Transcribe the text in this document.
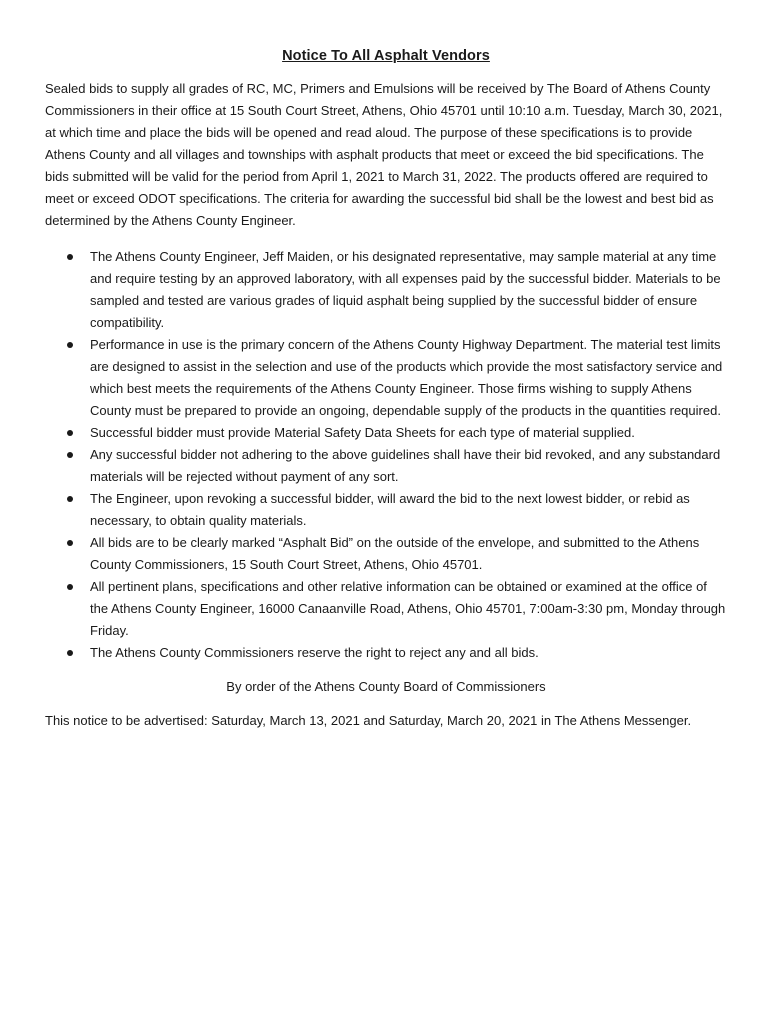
Notice To All Asphalt Vendors

Sealed bids to supply all grades of RC, MC, Primers and Emulsions will be received by The Board of Athens County Commissioners in their office at 15 South Court Street, Athens, Ohio 45701 until 10:10 a.m. Tuesday, March 30, 2021, at which time and place the bids will be opened and read aloud. The purpose of these specifications is to provide Athens County and all villages and townships with asphalt products that meet or exceed the bid specifications. The bids submitted will be valid for the period from April 1, 2021 to March 31, 2022. The products offered are required to meet or exceed ODOT specifications. The criteria for awarding the successful bid shall be the lowest and best bid as determined by the Athens County Engineer.

The Athens County Engineer, Jeff Maiden, or his designated representative, may sample material at any time and require testing by an approved laboratory, with all expenses paid by the successful bidder. Materials to be sampled and tested are various grades of liquid asphalt being supplied by the successful bidder of ensure compatibility.
Performance in use is the primary concern of the Athens County Highway Department. The material test limits are designed to assist in the selection and use of the products which provide the most satisfactory service and which best meets the requirements of the Athens County Engineer. Those firms wishing to supply Athens County must be prepared to provide an ongoing, dependable supply of the products in the quantities required.
Successful bidder must provide Material Safety Data Sheets for each type of material supplied.
Any successful bidder not adhering to the above guidelines shall have their bid revoked, and any substandard materials will be rejected without payment of any sort.
The Engineer, upon revoking a successful bidder, will award the bid to the next lowest bidder, or rebid as necessary, to obtain quality materials.
All bids are to be clearly marked “Asphalt Bid” on the outside of the envelope, and submitted to the Athens County Commissioners, 15 South Court Street, Athens, Ohio 45701.
All pertinent plans, specifications and other relative information can be obtained or examined at the office of the Athens County Engineer, 16000 Canaanville Road, Athens, Ohio 45701, 7:00am-3:30 pm, Monday through Friday.
The Athens County Commissioners reserve the right to reject any and all bids.

By order of the Athens County Board of Commissioners

This notice to be advertised: Saturday, March 13, 2021 and Saturday, March 20, 2021 in The Athens Messenger.
